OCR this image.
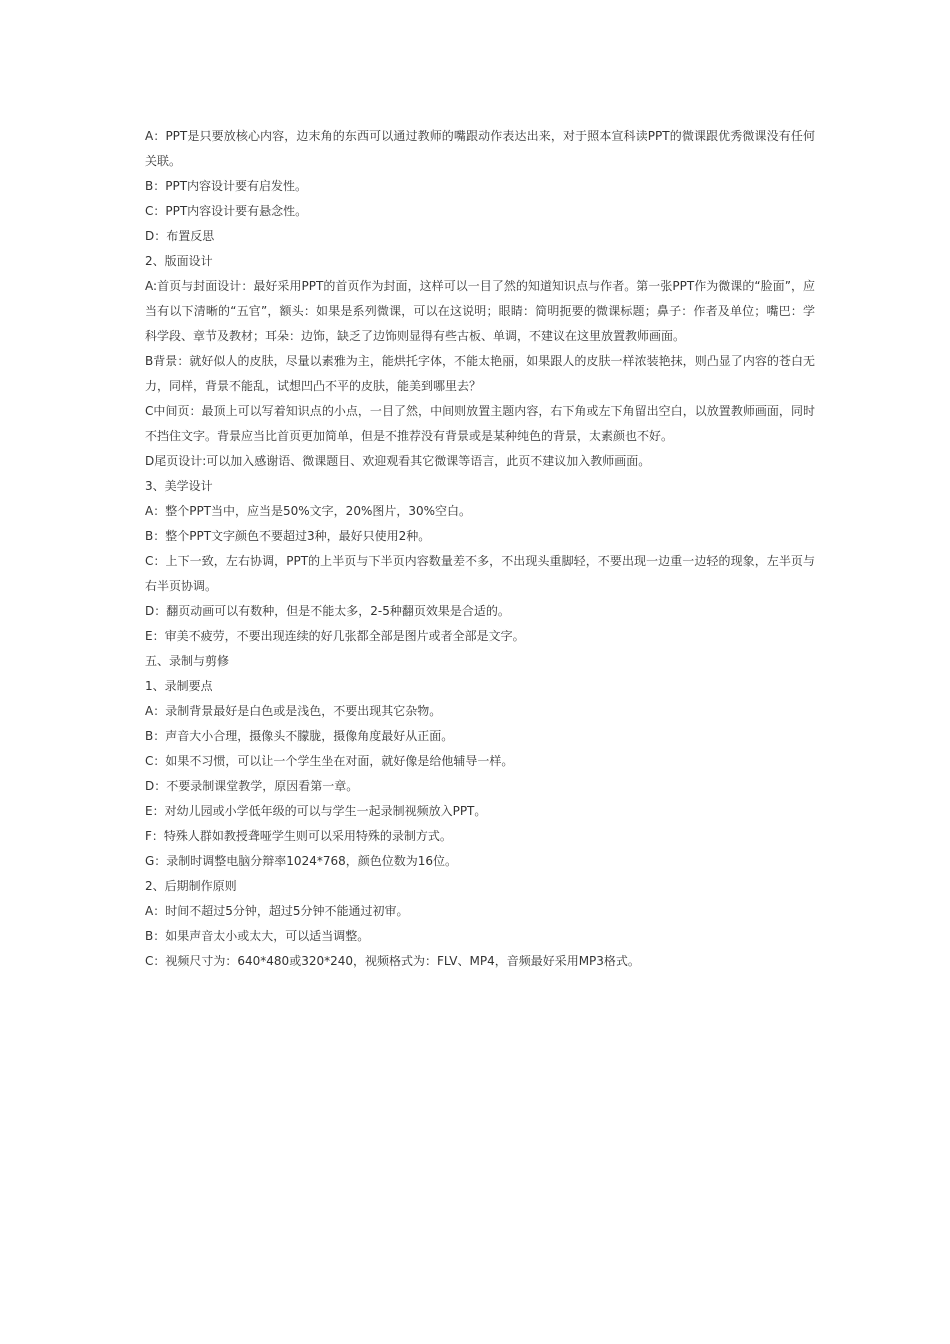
A：PPT是只要放核心内容，边末角的东西可以通过教师的嘴跟动作表达出来，对于照本宣科读PPT的微课跟优秀微课没有任何关联。

B：PPT内容设计要有启发性。

C：PPT内容设计要有悬念性。

D：布置反思

2、版面设计

A:首页与封面设计：最好采用PPT的首页作为封面，这样可以一目了然的知道知识点与作者。第一张PPT作为微课的“脸面”，应当有以下清晰的“五官”，额头：如果是系列微课，可以在这说明；眼睛：简明扼要的微课标题；鼻子：作者及单位；嘴巴：学科学段、章节及教材；耳朵：边饰，缺乏了边饰则显得有些古板、单调，不建议在这里放置教师画面。

B背景：就好似人的皮肤，尽量以素雅为主，能烘托字体，不能太艳丽，如果跟人的皮肤一样浓装艳抹，则凸显了内容的苍白无力，同样，背景不能乱，试想凹凸不平的皮肤，能美到哪里去？

C中间页：最顶上可以写着知识点的小点，一目了然，中间则放置主题内容，右下角或左下角留出空白，以放置教师画面，同时不挡住文字。背景应当比首页更加简单，但是不推荐没有背景或是某种纯色的背景，太素颜也不好。

D尾页设计:可以加入感谢语、微课题目、欢迎观看其它微课等语言，此页不建议加入教师画面。

3、美学设计

A：整个PPT当中，应当是50%文字，20%图片，30%空白。

B：整个PPT文字颜色不要超过3种，最好只使用2种。

C：上下一致，左右协调，PPT的上半页与下半页内容数量差不多，不出现头重脚轻，不要出现一边重一边轻的现象，左半页与右半页协调。

D：翻页动画可以有数种，但是不能太多，2-5种翻页效果是合适的。

E：审美不疲劳，不要出现连续的好几张都全部是图片或者全部是文字。

五、录制与剪修

1、录制要点

A：录制背景最好是白色或是浅色，不要出现其它杂物。

B：声音大小合理，摄像头不朦胧，摄像角度最好从正面。

C：如果不习惯，可以让一个学生坐在对面，就好像是给他辅导一样。

D：不要录制课堂教学，原因看第一章。

E：对幼儿园或小学低年级的可以与学生一起录制视频放入PPT。

F：特殊人群如教授聋哑学生则可以采用特殊的录制方式。

G：录制时调整电脑分辩率1024*768，颜色位数为16位。

2、后期制作原则

A：时间不超过5分钟，超过5分钟不能通过初审。

B：如果声音太小或太大，可以适当调整。

C：视频尺寸为：640*480或320*240，视频格式为：FLV、MP4，音频最好采用MP3格式。
